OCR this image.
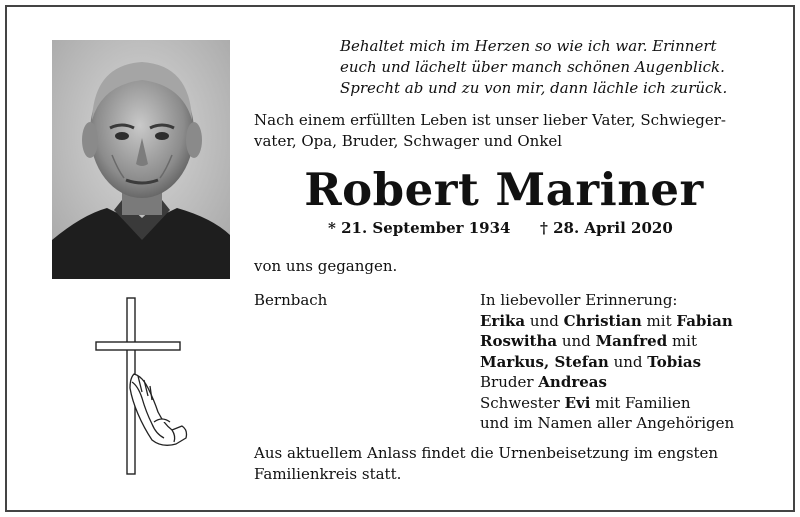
Behaltet mich im Herzen so wie ich war. Erinnert
euch und lächelt über manch schönen Augenblick.
Sprecht ab und zu von mir, dann lächle ich zurück.
Nach einem erfüllten Leben ist unser lieber Vater, Schwieger-
vater, Opa, Bruder, Schwager und Onkel
Robert Mariner
* 21. September 1934 † 28. April 2020
von uns gegangen.
Bernbach	In liebevoller Erinnerung:
Erika und Christian mit Fabian
Roswitha und Manfred mit
Markus, Stefan und Tobias
Bruder Andreas
Schwester Evi mit Familien
und im Namen aller Angehörigen
Aus aktuellem Anlass findet die Urnenbeisetzung im engsten
Familienkreis statt.
